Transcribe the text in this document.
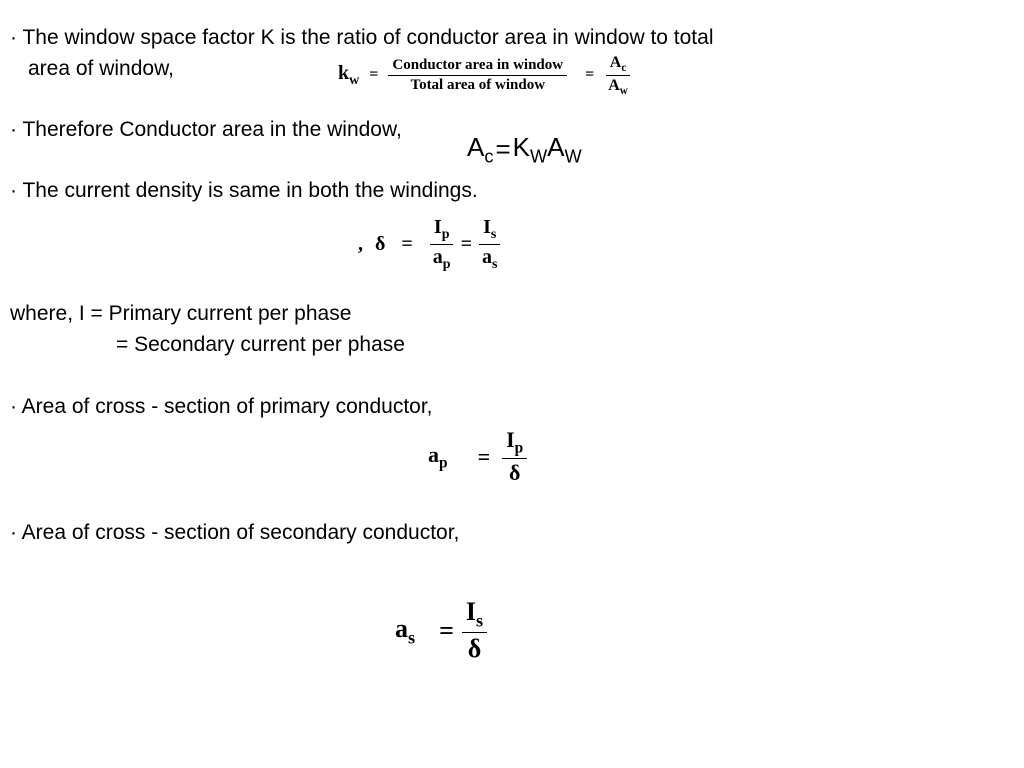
· The window space factor K is the ratio of conductor area in window to total
area of window,
· Therefore Conductor area in the window,
· The current density is same in both the windings.
where, I = Primary current per phase
= Secondary current per phase
· Area of cross - section of primary conductor,
· Area of cross - section of secondary conductor,
$k_w = \frac{\text{Conductor area in window}}{\text{Total area of window}} = \frac{A_c}{A_w}$
$A_c = K_W$ $A_W$
, $\delta = \frac{I_p}{a_p} = \frac{I_s}{a_s}$
$a_p = \frac{I_p}{\delta}$
$a_s = \frac{I_s}{\delta}$
